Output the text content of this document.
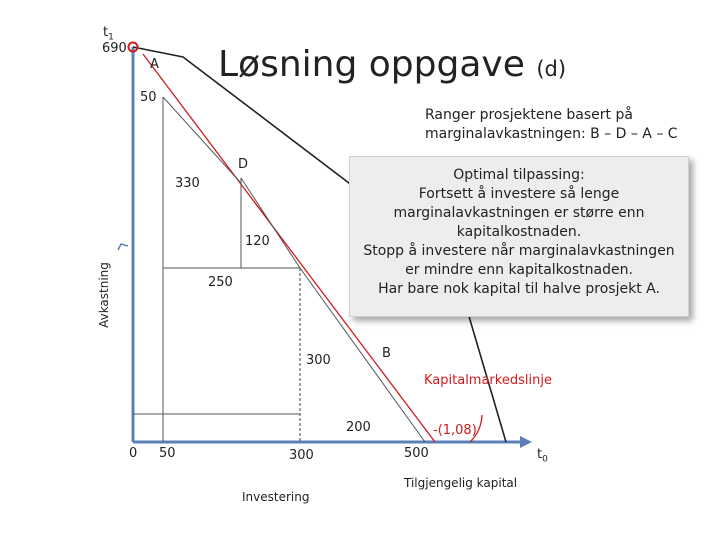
Løsning oppgave (d)
Ranger prosjektene basert på marginalavkastningen: B – D – A – C
Optimal tilpassing:
Fortsett å investere så lenge
marginalavkastningen er større enn
kapitalkostnaden.
Stopp å investere når marginalavkastningen
er mindre enn kapitalkostnaden.
Har bare nok kapital til halve prosjekt A.
$t_1$
690
Avkastning
$t_0$
0 50	300	500
Investering
Tilgjengelig kapital
A
D
B
50
330
120
250
300
200
Kapitalmarkedslinje
-(1,08)
